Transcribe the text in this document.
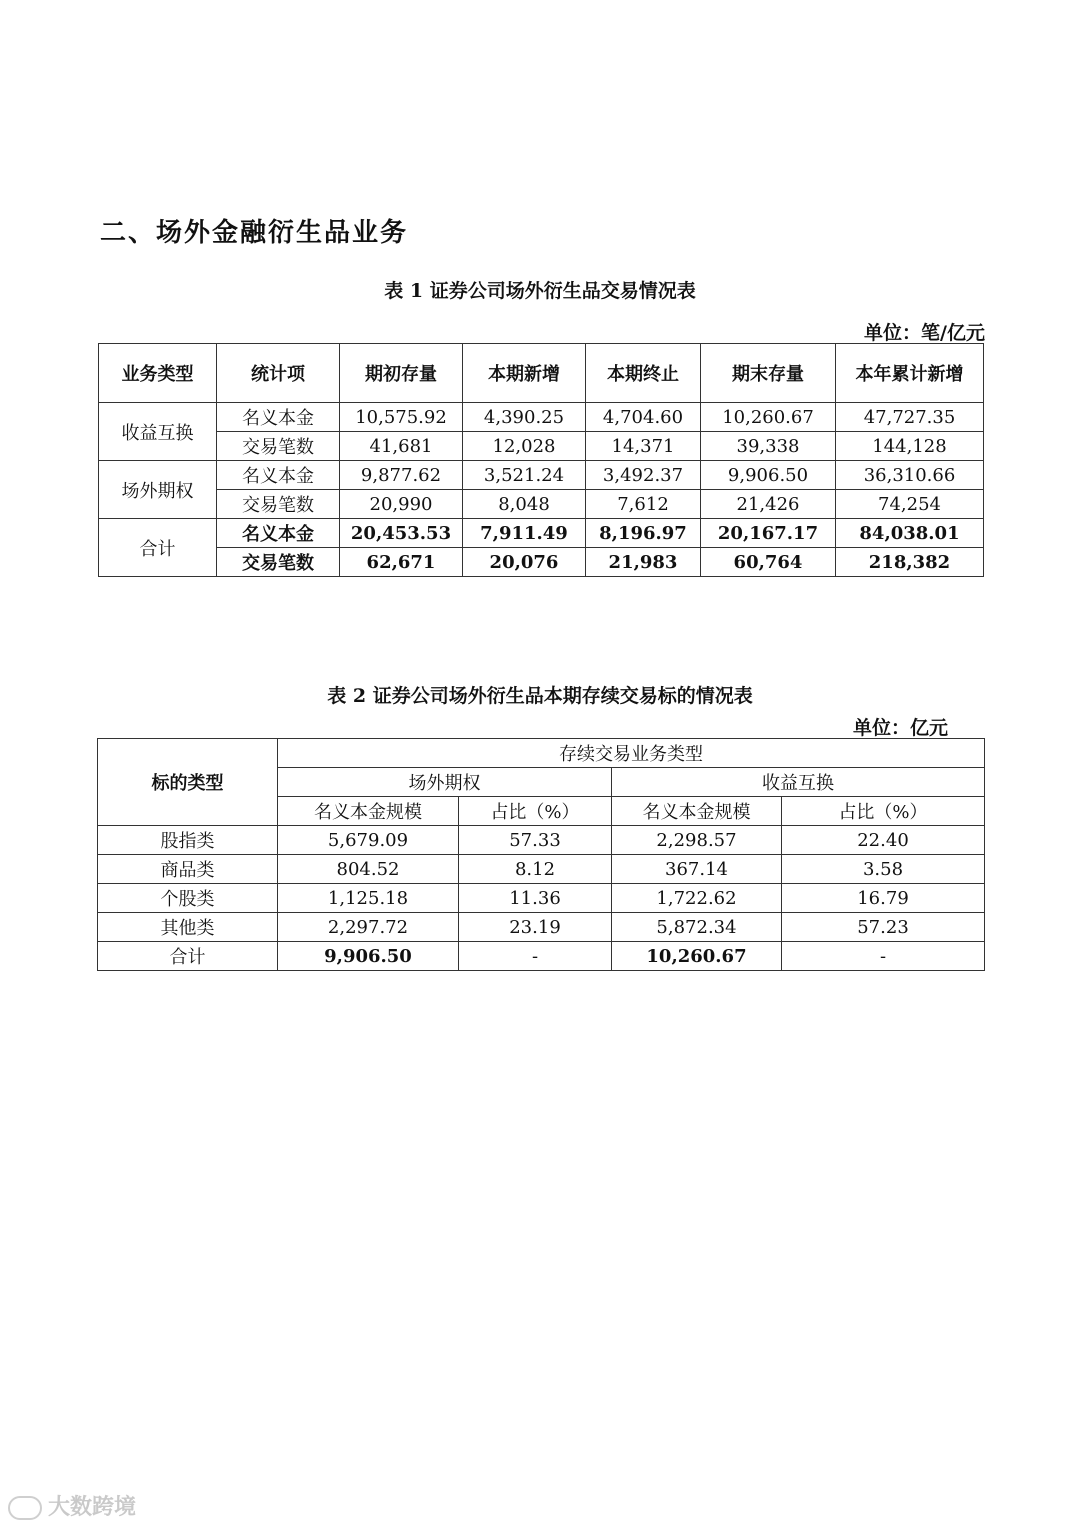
二、场外金融衍生品业务
表 1 证券公司场外衍生品交易情况表
单位：笔/亿元
业务类型	统计项	期初存量	本期新增	本期终止	期末存量	本年累计新增
收益互换	名义本金	10,575.92	4,390.25	4,704.60	10,260.67	47,727.35
	交易笔数	41,681	12,028	14,371	39,338	144,128
场外期权	名义本金	9,877.62	3,521.24	3,492.37	9,906.50	36,310.66
	交易笔数	20,990	8,048	7,612	21,426	74,254
合计	名义本金	20,453.53	7,911.49	8,196.97	20,167.17	84,038.01
	交易笔数	62,671	20,076	21,983	60,764	218,382
表 2 证券公司场外衍生品本期存续交易标的情况表
单位：亿元
标的类型	存续交易业务类型			
	场外期权		收益互换	
	名义本金规模	占比（%）	名义本金规模	占比（%）
股指类	5,679.09	57.33	2,298.57	22.40
商品类	804.52	8.12	367.14	3.58
个股类	1,125.18	11.36	1,722.62	16.79
其他类	2,297.72	23.19	5,872.34	57.23
合计	9,906.50	-	10,260.67	-
大数跨境
